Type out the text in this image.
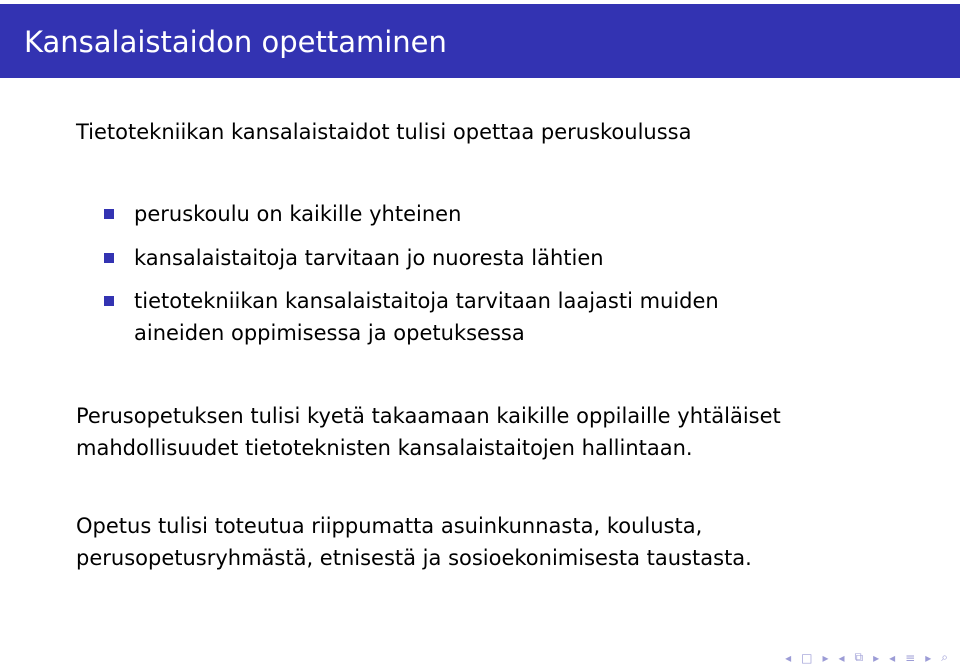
Kansalaistaidon opettaminen
Tietotekniikan kansalaistaidot tulisi opettaa peruskoulussa
peruskoulu on kaikille yhteinen
kansalaistaitoja tarvitaan jo nuoresta lähtien
tietotekniikan kansalaistaitoja tarvitaan laajasti muiden
aineiden oppimisessa ja opetuksessa
Perusopetuksen tulisi kyetä takaamaan kaikille oppilaille yhtäläiset
mahdollisuudet tietoteknisten kansalaistaitojen hallintaan.
Opetus tulisi toteutua riippumatta asuinkunnasta, koulusta,
perusopetusryhmästä, etnisestä ja sosioekonimisesta taustasta.
◂ □ ▸ ◂ ⧉ ▸ ◂ ≡ ▸ ⌕
